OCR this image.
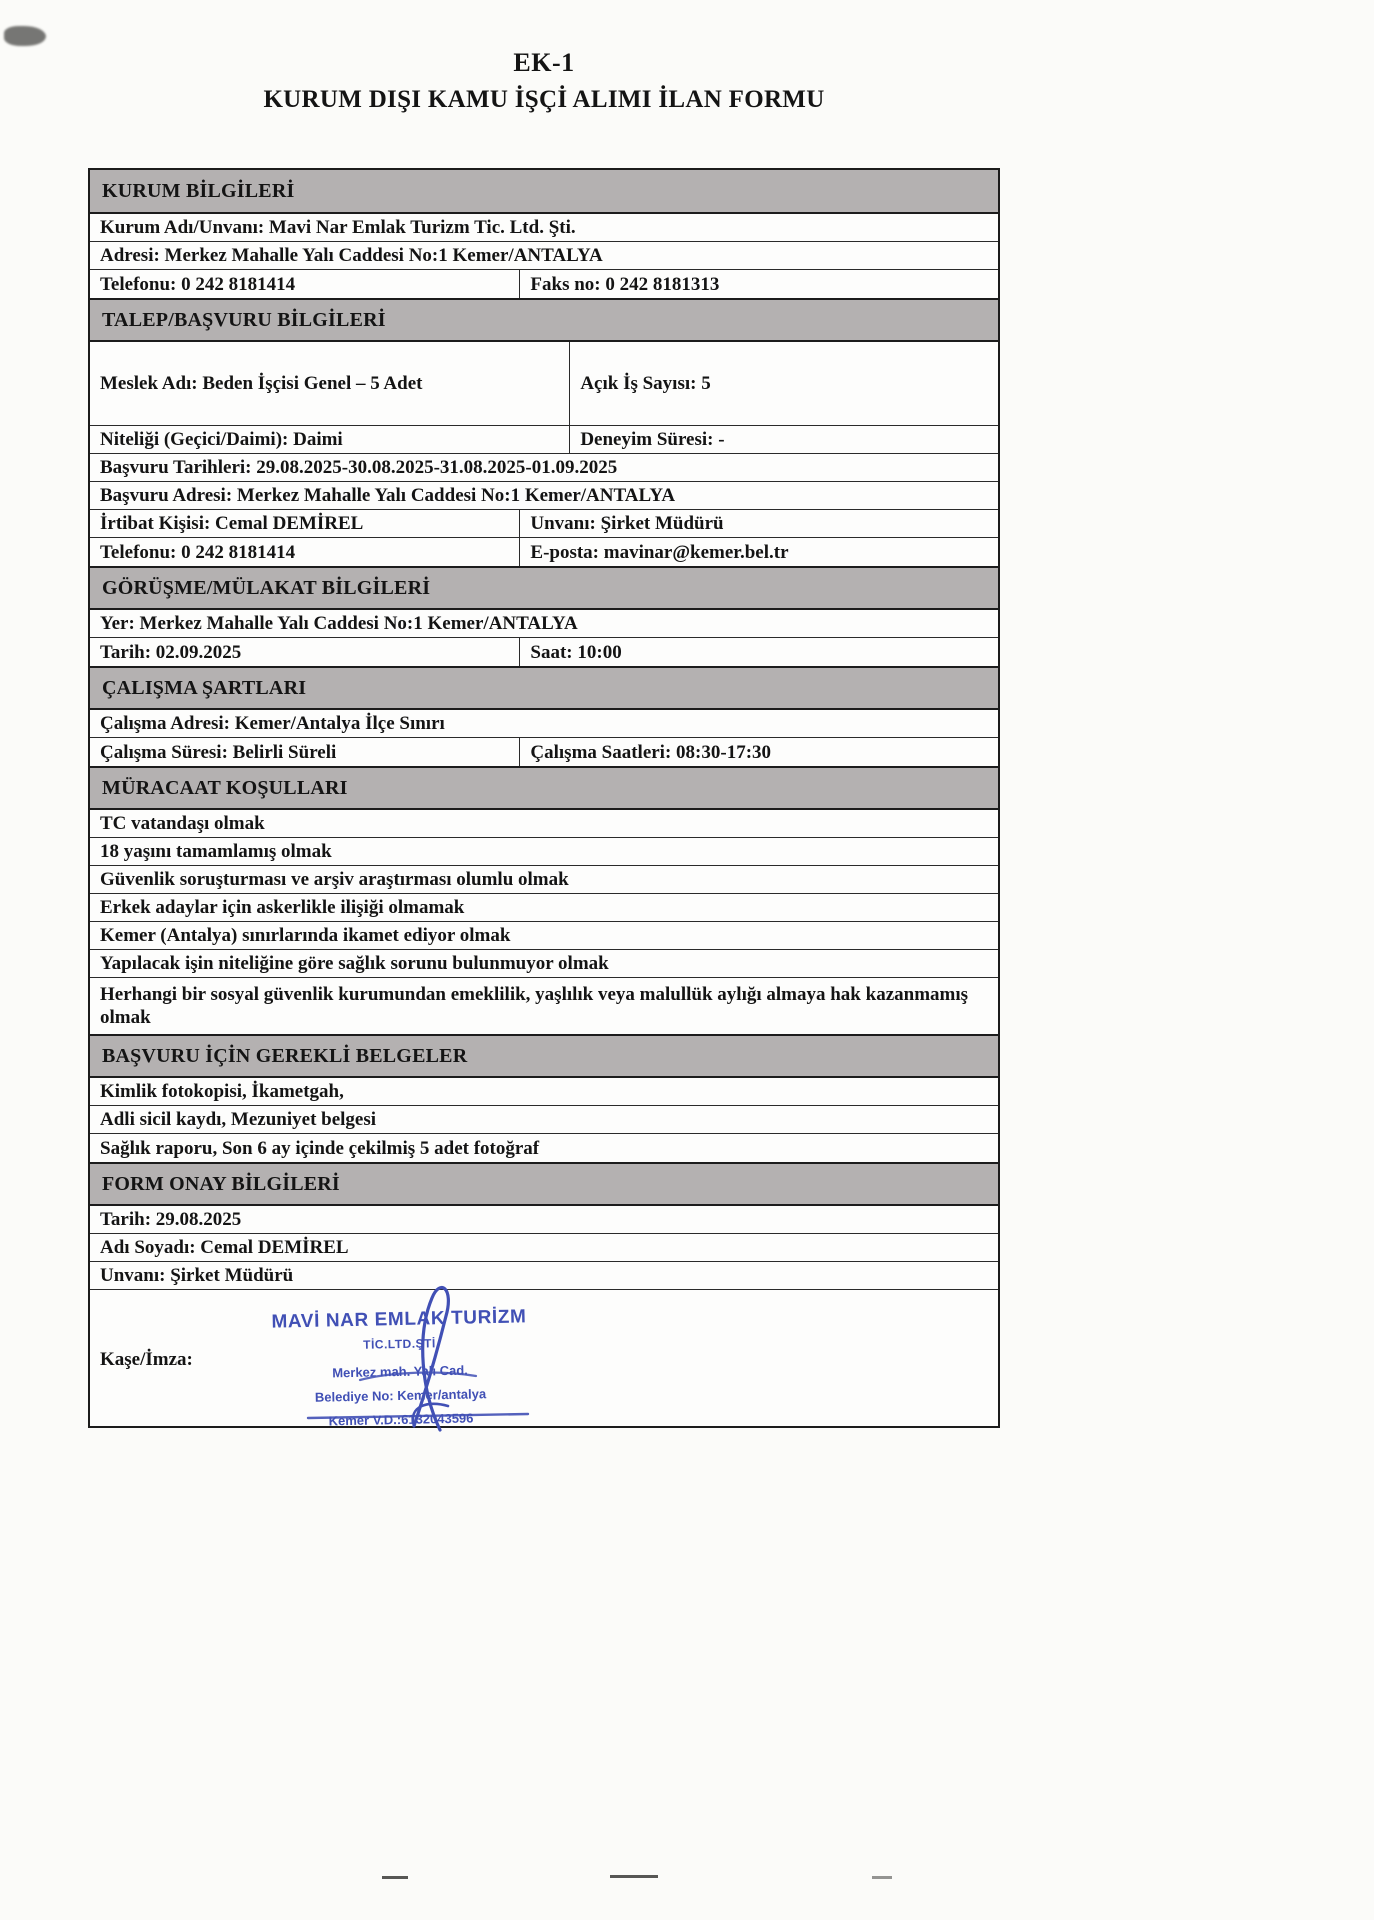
EK-1
KURUM DIŞI KAMU İŞÇİ ALIMI İLAN FORMU
KURUM BİLGİLERİ
Kurum Adı/Unvanı: Mavi Nar Emlak Turizm Tic. Ltd. Şti.
Adresi: Merkez Mahalle Yalı Caddesi No:1 Kemer/ANTALYA
Telefonu: 0 242 8181414	Faks no: 0 242 8181313
TALEP/BAŞVURU BİLGİLERİ
Meslek Adı: Beden İşçisi Genel – 5 Adet	Açık İş Sayısı: 5
Niteliği (Geçici/Daimi): Daimi	Deneyim Süresi: -
Başvuru Tarihleri: 29.08.2025-30.08.2025-31.08.2025-01.09.2025
Başvuru Adresi: Merkez Mahalle Yalı Caddesi No:1 Kemer/ANTALYA
İrtibat Kişisi: Cemal DEMİREL	Unvanı: Şirket Müdürü
Telefonu: 0 242 8181414	E-posta: mavinar@kemer.bel.tr
GÖRÜŞME/MÜLAKAT BİLGİLERİ
Yer: Merkez Mahalle Yalı Caddesi No:1 Kemer/ANTALYA
Tarih: 02.09.2025	Saat: 10:00
ÇALIŞMA ŞARTLARI
Çalışma Adresi: Kemer/Antalya İlçe Sınırı
Çalışma Süresi: Belirli Süreli	Çalışma Saatleri: 08:30-17:30
MÜRACAAT KOŞULLARI
TC vatandaşı olmak
18 yaşını tamamlamış olmak
Güvenlik soruşturması ve arşiv araştırması olumlu olmak
Erkek adaylar için askerlikle ilişiği olmamak
Kemer (Antalya) sınırlarında ikamet ediyor olmak
Yapılacak işin niteliğine göre sağlık sorunu bulunmuyor olmak
Herhangi bir sosyal güvenlik kurumundan emeklilik, yaşlılık veya malullük aylığı almaya hak kazanmamış olmak
BAŞVURU İÇİN GEREKLİ BELGELER
Kimlik fotokopisi, İkametgah,
Adli sicil kaydı, Mezuniyet belgesi
Sağlık raporu, Son 6 ay içinde çekilmiş 5 adet fotoğraf
FORM ONAY BİLGİLERİ
Tarih: 29.08.2025
Adı Soyadı: Cemal DEMİREL
Unvanı: Şirket Müdürü
Kaşe/İmza:
MAVİ NAR EMLAK TURİZM
TİC.LTD.ŞTİ
Merkez mah. Yalı Cad.
Belediye No: Kemer/antalya
Kemer V.D.:6132043596
